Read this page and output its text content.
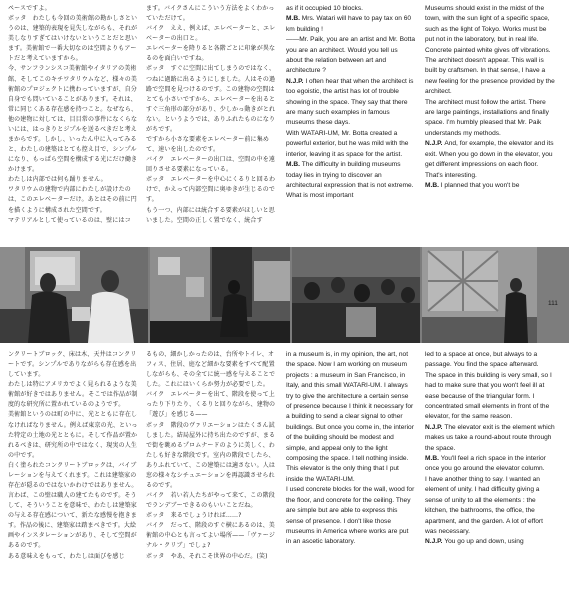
ペースですよ。

ボッタ　わたしも今回の美術館の勘かしさというのは、建築的表現を見失しながらも、それが美しなりすぎてはいけないということだと思います。美術館で一番大切なのは空間よりもアートだと考えていますから。

今、サンフランシスコ美術館やイタリアの美術館、そしてこのキチワタリウムなど、様々の美術館のプロジェクトに携わっていますが、自分自身でも問いていることがあります。それは、常に同じくある存在感を持つこと。なぜなら、他の建物に対しては、目目常の事件になくらないには、はっきりとジプルを送るべきだと考えまからです。しかし、いったん中に入ってみると、わたしの建築はとても控え目で、シンプルになり、もっぱら空間を構成する光にだけ働きかけます。

わたしは内部では何も踊りません。

ワタリウムの建物で内部にわたしが設けたのは、このエレベーターだけ。あとはその前に円を描くように構成された空間です。

マテリアルとして使っているのは、壁にはコ

ます。バイクさんにこういう方法をよくわかっていただけて。

バイク　ええ、例えば、エレベーターと、エレベーターの出口と。

エレベーターを降りると各階ごとに印象が異なるのを面白いですね。

ボッタ　すぐに空間に出てしまうのではなく、つねに過路に出るようにしました。人はその過路で空間を見つけるのです。この建物の空間はとても小さいですから、エレベーターを出るとすぐ三角形の部分があり、少しかっ動きがとれない。というようでは、ありふれたものになりがちです。

ですから小さな要素をエレベーター前に集めて、速いを出したのです。

バイク　エレベーターの出口は、空間の中を遠回りさせる要素になっている。

ボッタ　エレベーターを中心にくるりと回るわけで、かえって内部空間に奥ゆきが生じるのです。

もう一つ、内部には統合する要素がほしいと思いました。空間の正しく置でなく、統合す

as if it occupied 10 blocks.

M.B. Mrs. Watari will have to pay tax on 60 km building !

——Mr. Paik, you are an artist and Mr. Botta you are an architect. Would you tell us about the relation between art and architecture ?

N.J.P. I often hear that when the architect is too egoistic, the artist has lot of trouble showing in the space. They say that there are many such examples in famous museums these days.

With WATARI-UM, Mr. Botta created a powerful exterior, but he was mild with the interior, leaving it as space for the artist.

M.B. The difficulty in building museums today lies in trying to discover an architectural expression that is not extreme. What is most important

Museums should exist in the midst of the town, with the sun light of a specific space, such as the light of Tokyo. Works must be put not in the laboratory, but in real life.

Concrete painted white gives off vibrations. The architect doesn't appear. This wall is built by craftsmen. In that sense, I have a new feeling for the presence provided by the architect.

The architect must follow the artist. There are large paintings, installations and finally space. I'm humbly pleased that Mr. Paik understands my methods.

N.J.P. And, for example, the elevator and its exit. When you go down in the elevator, you get different impressions on each floor. That's interesting.

M.B. I planned that you won't be

111

ンクリートブロック、床は木、天井はコンクリートです。シンプルでありながらも存在感を出しています。

わたしは特にアメリカでよく見られるような美術館が好きではありません。そこでは作品が制度的な研究所に置かれているのようです。

美術館というのは町の中に、光とともに存在しなければなりません。例えば東京の光、といった特定の土地の光とともに。そして作品が置かれるべきは、研究所の中ではなく、現実の人生の中です。

白く塗られたコンクリートブロックは、バイブレーションを与えてくれます。これは建築家の存在が隠るのではないかわけではありません。言わば、この壁は職人の建てたものです。そうして、そういうことを意味で、わたしは建築家の与える存在感について、新たな感慢を抱きます。作品の後に、建築家は踏まべきです。大絵画やインスタレーションがあり、そして空間があるのです。

ある意味えをもって、わたしは面びを感じ

るもの、細かしかったのは、台所やトイレ、オフィス、住居、庭など細かな要素をすべて配置しながらも、その全てに統一感を与えることでした。これにはいくらか努力が必要でした。

バイク　エレベーターを出て、階段を使って上ったり下りたり、くるりと回りながら、建物の「遊び」を感じる——

ボッタ　階段のヴァリエーションはたくさん試しました。結局屋外に持ち出たのですが、まるで街を眺めるプロムナードのように美しく、わたしも好きな階段です。室内の階段でしたら、ありふれていて、この建築には適さない。人は窓の様々なシチュエーションを再認識させられるのです。

バイク　若い若人たちがやって来て、この階段でランデブーできるのもいいことだね。

ボッタ　来るでしょうければ……?

バイク　だって、階段のすぐ横にあるのは、美術館の中心とも言ってよい場所——「ヴァージナル・クリブ」でしょ?

ボッタ　やあ、それこそ世界の中心だ。(笑)

in a museum is, in my opinion, the art, not the space. Now I am working on museum projects : a museum in San Francisco, in Italy, and this small WATARI-UM. I always try to give the architecture a certain sense of presence because I think it necessary for a building to send a clear signal to other buildings. But once you come in, the interior of the building should be modest and simple, and appeal only to the light composing the space. I tell nothing inside. This elevator is the only thing that I put inside the WATARI-UM.

I used concrete blocks for the wall, wood for the floor, and concrete for the ceiling. They are simple but are able to express this sense of presence. I don't like those museums in America where works are put in an ascetic laboratory.

led to a space at once, but always to a passage. You find the space afterward.

The space in this building is very small, so I had to make sure that you won't feel ill at ease because of the triangular form. I concentrated small elements in front of the elevator, for the same reason.

N.J.P. The elevator exit is the element which makes us take a round-about route through the space.

M.B. You'll feel a rich space in the interior once you go around the elevator column.

I have another thing to say. I wanted an element of unity. I had difficulty giving a sense of unity to all the elements : the kitchen, the bathrooms, the office, the apartment, and the garden. A lot of effort was necessary.

N.J.P. You go up and down, using
